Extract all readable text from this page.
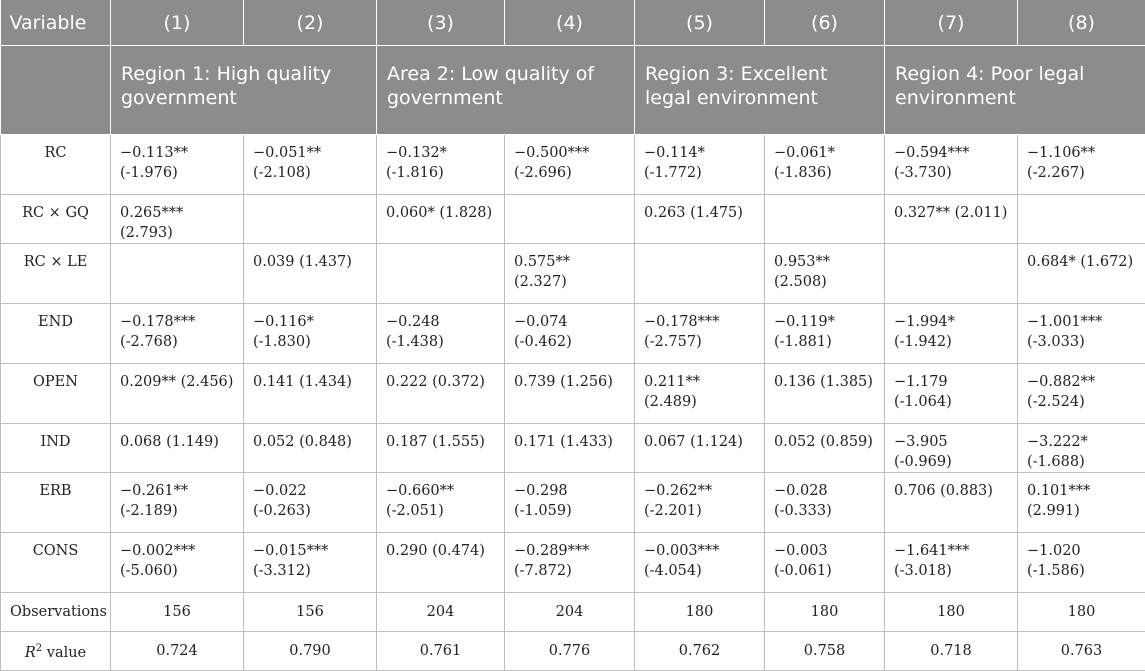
Variable	(1)	(2)	(3)	(4)	(5)	(6)	(7)	(8)
	Region 1: High quality government		Area 2: Low quality of government		Region 3: Excellent legal environment		Region 4: Poor legal environment	
RC	−0.113** (-1.976)	−0.051** (-2.108)	−0.132* (-1.816)	−0.500*** (-2.696)	−0.114* (-1.772)	−0.061* (-1.836)	−0.594*** (-3.730)	−1.106** (-2.267)
RC × GQ	0.265*** (2.793)		0.060* (1.828)		0.263 (1.475)		0.327** (2.011)	
RC × LE		0.039 (1.437)		0.575** (2.327)		0.953** (2.508)		0.684* (1.672)
END	−0.178*** (-2.768)	−0.116* (-1.830)	−0.248 (-1.438)	−0.074 (-0.462)	−0.178*** (-2.757)	−0.119* (-1.881)	−1.994* (-1.942)	−1.001*** (-3.033)
OPEN	0.209** (2.456)	0.141 (1.434)	0.222 (0.372)	0.739 (1.256)	0.211** (2.489)	0.136 (1.385)	−1.179 (-1.064)	−0.882** (-2.524)
IND	0.068 (1.149)	0.052 (0.848)	0.187 (1.555)	0.171 (1.433)	0.067 (1.124)	0.052 (0.859)	−3.905 (-0.969)	−3.222* (-1.688)
ERB	−0.261** (-2.189)	−0.022 (-0.263)	−0.660** (-2.051)	−0.298 (-1.059)	−0.262** (-2.201)	−0.028 (-0.333)	0.706 (0.883)	0.101*** (2.991)
CONS	−0.002*** (-5.060)	−0.015*** (-3.312)	0.290 (0.474)	−0.289*** (-7.872)	−0.003*** (-4.054)	−0.003 (-0.061)	−1.641*** (-3.018)	−1.020 (-1.586)
Observations	156	156	204	204	180	180	180	180
$R^2$ value	0.724	0.790	0.761	0.776	0.762	0.758	0.718	0.763
